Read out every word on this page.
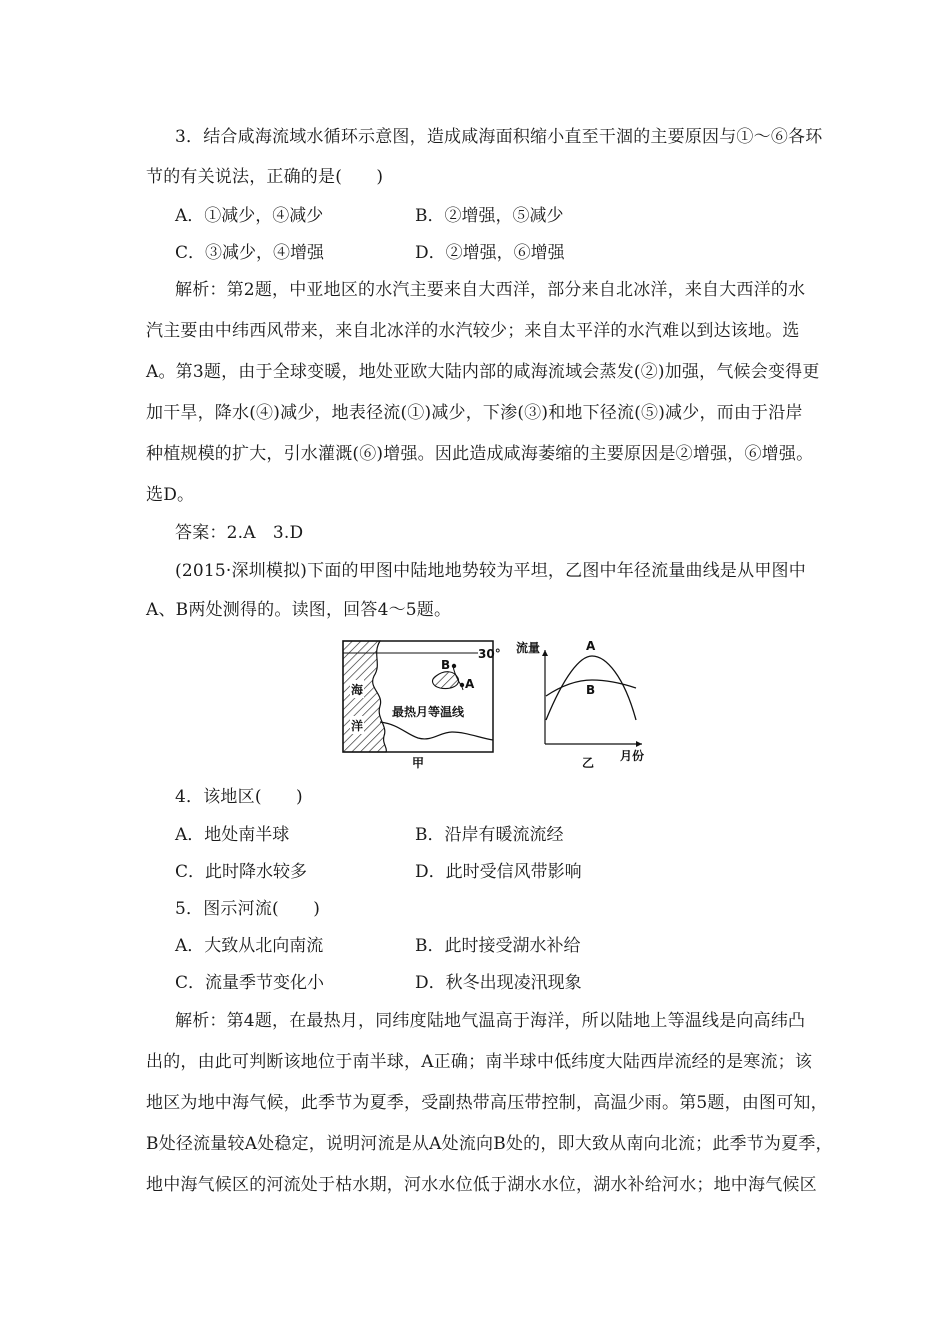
3．结合咸海流域水循环示意图，造成咸海面积缩小直至干涸的主要原因与①～⑥各环
节的有关说法，正确的是(　　)
A．①减少，④减少	B．②增强，⑤减少
C．③减少，④增强	D．②增强，⑥增强
解析：第2题，中亚地区的水汽主要来自大西洋，部分来自北冰洋，来自大西洋的水
汽主要由中纬西风带来，来自北冰洋的水汽较少；来自太平洋的水汽难以到达该地。选
A。第3题，由于全球变暖，地处亚欧大陆内部的咸海流域会蒸发(②)加强，气候会变得更
加干旱，降水(④)减少，地表径流(①)减少，下渗(③)和地下径流(⑤)减少，而由于沿岸
种植规模的扩大，引水灌溉(⑥)增强。因此造成咸海萎缩的主要原因是②增强，⑥增强。
选D。
答案：2.A　3.D
(2015·深圳模拟)下面的甲图中陆地地势较为平坦，乙图中年径流量曲线是从甲图中
A、B两处测得的。读图，回答4～5题。
海
洋
30°
B
A
最热月等温线
甲
流量
月份
A
B
乙
4．该地区(　　)
A．地处南半球	B．沿岸有暖流流经
C．此时降水较多	D．此时受信风带影响
5．图示河流(　　)
A．大致从北向南流	B．此时接受湖水补给
C．流量季节变化小	D．秋冬出现凌汛现象
解析：第4题，在最热月，同纬度陆地气温高于海洋，所以陆地上等温线是向高纬凸
出的，由此可判断该地位于南半球，A正确；南半球中低纬度大陆西岸流经的是寒流；该
地区为地中海气候，此季节为夏季，受副热带高压带控制，高温少雨。第5题，由图可知，
B处径流量较A处稳定，说明河流是从A处流向B处的，即大致从南向北流；此季节为夏季，
地中海气候区的河流处于枯水期，河水水位低于湖水水位，湖水补给河水；地中海气候区
